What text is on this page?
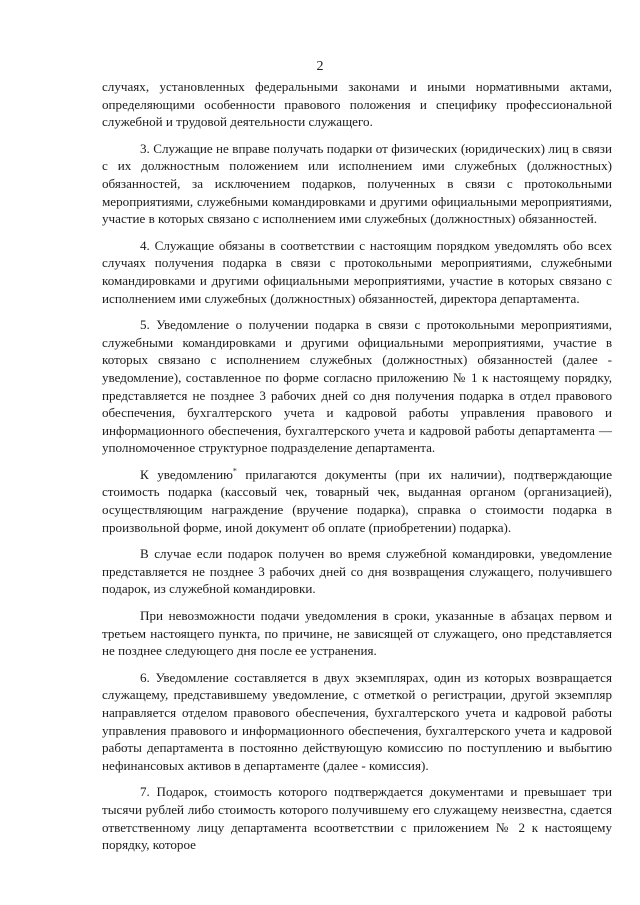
2

случаях, установленных федеральными законами и иными нормативными актами, определяющими особенности правового положения и специфику профессиональной служебной и трудовой деятельности служащего.

3. Служащие не вправе получать подарки от физических (юридических) лиц в связи с их должностным положением или исполнением ими служебных (должностных) обязанностей, за исключением подарков, полученных в связи с протокольными мероприятиями, служебными командировками и другими официальными мероприятиями, участие в которых связано с исполнением ими служебных (должностных) обязанностей.

4. Служащие обязаны в соответствии с настоящим порядком уведомлять обо всех случаях получения подарка в связи с протокольными мероприятиями, служебными командировками и другими официальными мероприятиями, участие в которых связано с исполнением ими служебных (должностных) обязанностей, директора департамента.

5. Уведомление о получении подарка в связи с протокольными мероприятиями, служебными командировками и другими официальными мероприятиями, участие в которых связано с исполнением служебных (должностных) обязанностей (далее - уведомление), составленное по форме согласно приложению № 1 к настоящему порядку, представляется не позднее 3 рабочих дней со дня получения подарка в отдел правового обеспечения, бухгалтерского учета и кадровой работы управления правового и информационного обеспечения, бухгалтерского учета и кадровой работы департамента — уполномоченное структурное подразделение департамента.

К уведомлению* прилагаются документы (при их наличии), подтверждающие стоимость подарка (кассовый чек, товарный чек, выданная органом (организацией), осуществляющим награждение (вручение подарка), справка о стоимости подарка в произвольной форме, иной документ об оплате (приобретении) подарка).

В случае если подарок получен во время служебной командировки, уведомление представляется не позднее 3 рабочих дней со дня возвращения служащего, получившего подарок, из служебной командировки.

При невозможности подачи уведомления в сроки, указанные в абзацах первом и третьем настоящего пункта, по причине, не зависящей от служащего, оно представляется не позднее следующего дня после ее устранения.

6. Уведомление составляется в двух экземплярах, один из которых возвращается служащему, представившему уведомление, с отметкой о регистрации, другой экземпляр направляется отделом правового обеспечения, бухгалтерского учета и кадровой работы управления правового и информационного обеспечения, бухгалтерского учета и кадровой работы департамента в постоянно действующую комиссию по поступлению и выбытию нефинансовых активов в департаменте (далее - комиссия).

7. Подарок, стоимость которого подтверждается документами и превышает три тысячи рублей либо стоимость которого получившему его служащему неизвестна, сдается ответственному лицу департамента всоответствии с приложением № 2 к настоящему порядку, которое
